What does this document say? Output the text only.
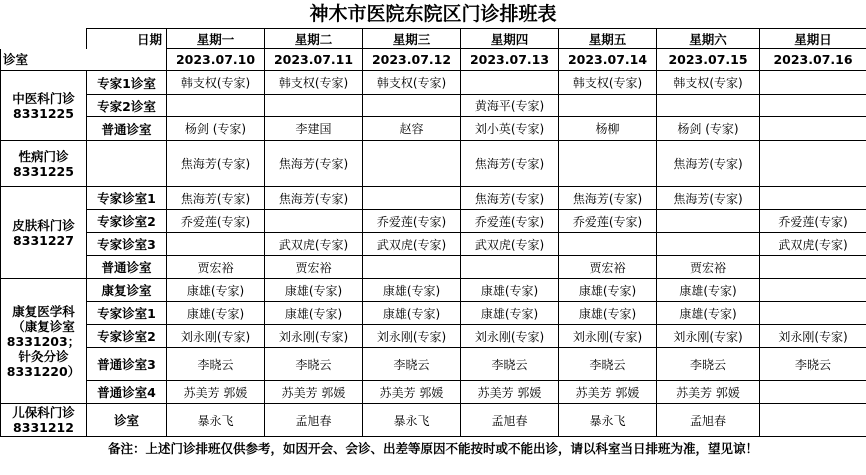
神木市医院东院区门诊排班表
	日期	星期一	星期二	星期三	星期四	星期五	星期六	星期日
诊室		2023.07.10	2023.07.11	2023.07.12	2023.07.13	2023.07.14	2023.07.15	2023.07.16

中医科门诊
8331225	专家1诊室	韩支权(专家)	韩支权(专家)	韩支权(专家)		韩支权(专家)	韩支权(专家)	
	专家2诊室				黄海平(专家)			
	普通诊室	杨剑 (专家)	李建国	赵容	刘小英(专家)	杨柳	杨剑 (专家)	

性病门诊
8331225		焦海芳(专家)	焦海芳(专家)		焦海芳(专家)		焦海芳(专家)	

皮肤科门诊
8331227	专家诊室1	焦海芳(专家)	焦海芳(专家)		焦海芳(专家)	焦海芳(专家)	焦海芳(专家)	
	专家诊室2	乔爱莲(专家)		乔爱莲(专家)	乔爱莲(专家)	乔爱莲(专家)		乔爱莲(专家)
	专家诊室3		武双虎(专家)	武双虎(专家)	武双虎(专家)			武双虎(专家)
	普通诊室	贾宏裕	贾宏裕			贾宏裕	贾宏裕	

康复医学科（康复诊室8331203；针灸分诊8331220）	康复诊室	康雄(专家)	康雄(专家)	康雄(专家)	康雄(专家)	康雄(专家)	康雄(专家)	
	专家诊室1	康雄(专家)	康雄(专家)	康雄(专家)	康雄(专家)	康雄(专家)	康雄(专家)	
	专家诊室2	刘永刚(专家)	刘永刚(专家)	刘永刚(专家)	刘永刚(专家)	刘永刚(专家)	刘永刚(专家)	刘永刚(专家)
	普通诊室3	李晓云	李晓云	李晓云	李晓云	李晓云	李晓云	李晓云
	普通诊室4	苏美芳 郭媛	苏美芳 郭媛	苏美芳 郭媛	苏美芳 郭媛	苏美芳 郭媛	苏美芳 郭媛	

儿保科门诊
8331212	诊室	暴永飞	孟旭春	暴永飞	孟旭春	暴永飞	孟旭春	
备注：上述门诊排班仅供参考，如因开会、会诊、出差等原因不能按时或不能出诊，请以科室当日排班为准，望见谅！
